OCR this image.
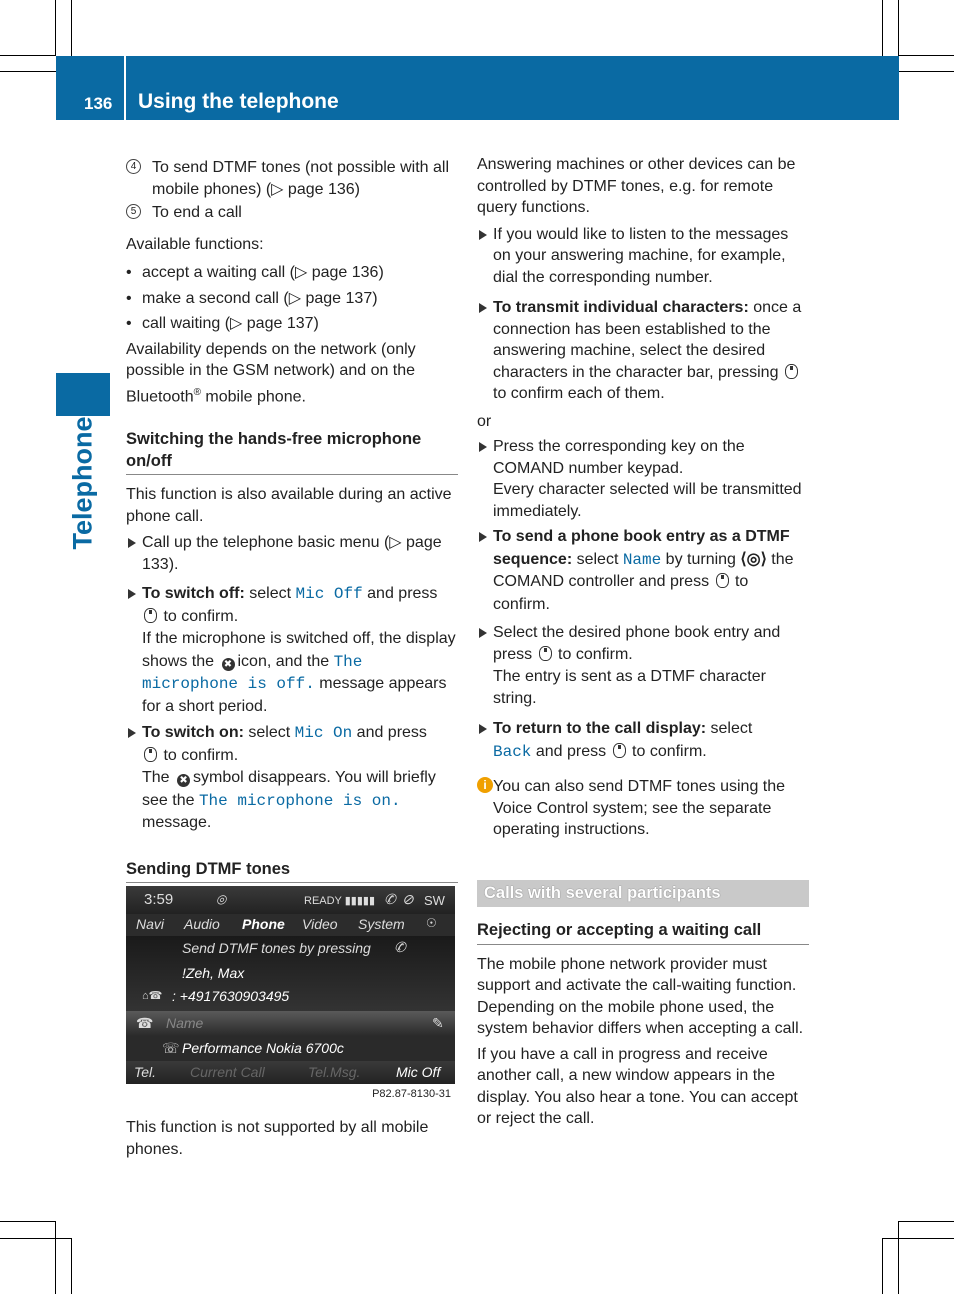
136 Using the telephone
Telephone

4 To send DTMF tones (not possible with all mobile phones) (▷ page 136)

5 To end a call

Available functions:

• accept a waiting call (▷ page 136)

• make a second call (▷ page 137)

• call waiting (▷ page 137)

Availability depends on the network (only possible in the GSM network) and on the Bluetooth® mobile phone.

Switching the hands-free microphone on/off

This function is also available during an active phone call.

Call up the telephone basic menu (▷ page 133).

To switch off: select Mic Off and press
to confirm.
If the microphone is switched off, the display shows the ✖ icon, and the The microphone is off. message appears for a short period.

To switch on: select Mic On and press
to confirm.
The ✖ symbol disappears. You will briefly see the The microphone is on.
message.

Sending DTMF tones

3:59	◎	READY ▮▮▮▮▮ ✆ ⊘ SW
Navi Audio Phone Video System ☉
Send DTMF tones by pressing ✆
!Zeh, Max
⌂☎ : +4917630903495
☎ Name	✎
☏ Performance Nokia 6700c
Tel. Current Call	Tel.Msg.	Mic Off
P82.87-8130-31

This function is not supported by all mobile phones.

Answering machines or other devices can be controlled by DTMF tones, e.g. for remote query functions.

If you would like to listen to the messages on your answering machine, for example, dial the corresponding number.

To transmit individual characters: once a connection has been established to the answering machine, select the desired characters in the character bar, pressing  to confirm each of them.

or

Press the corresponding key on the COMAND number keypad.
Every character selected will be transmitted immediately.

To send a phone book entry as a DTMF sequence: select Name by turning ⟨◎⟩ the COMAND controller and press  to confirm.

Select the desired phone book entry and press  to confirm.
The entry is sent as a DTMF character string.

To return to the call display: select
Back and press  to confirm.

i You can also send DTMF tones using the Voice Control system; see the separate operating instructions.

Calls with several participants

Rejecting or accepting a waiting call

The mobile phone network provider must support and activate the call-waiting function. Depending on the mobile phone used, the system behavior differs when accepting a call.

If you have a call in progress and receive another call, a new window appears in the display. You also hear a tone. You can accept or reject the call.
